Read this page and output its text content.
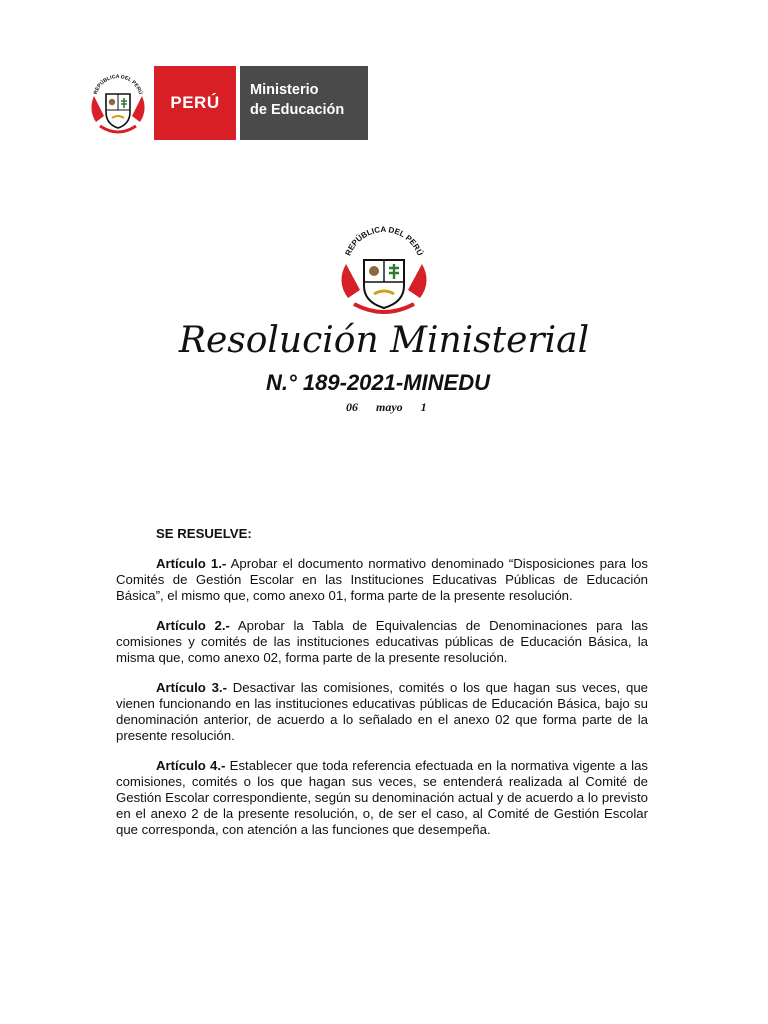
REPÚBLICA DEL PERÚ
PERÚ
Ministerio
de Educación
REPÚBLICA DEL PERÚ
Resolución Ministerial
N.° 189-2021-MINEDU
06 mayo 1
SE RESUELVE:

Artículo 1.- Aprobar el documento normativo denominado “Disposiciones para los Comités de Gestión Escolar en las Instituciones Educativas Públicas de Educación Básica”, el mismo que, como anexo 01, forma parte de la presente resolución.

Artículo 2.- Aprobar la Tabla de Equivalencias de Denominaciones para las comisiones y comités de las instituciones educativas públicas de Educación Básica, la misma que, como anexo 02, forma parte de la presente resolución.

Artículo 3.- Desactivar las comisiones, comités o los que hagan sus veces, que vienen funcionando en las instituciones educativas públicas de Educación Básica, bajo su denominación anterior, de acuerdo a lo señalado en el anexo 02 que forma parte de la presente resolución.

Artículo 4.- Establecer que toda referencia efectuada en la normativa vigente a las comisiones, comités o los que hagan sus veces, se entenderá realizada al Comité de Gestión Escolar correspondiente, según su denominación actual y de acuerdo a lo previsto en el anexo 2 de la presente resolución, o, de ser el caso, al Comité de Gestión Escolar que corresponda, con atención a las funciones que desempeña.
